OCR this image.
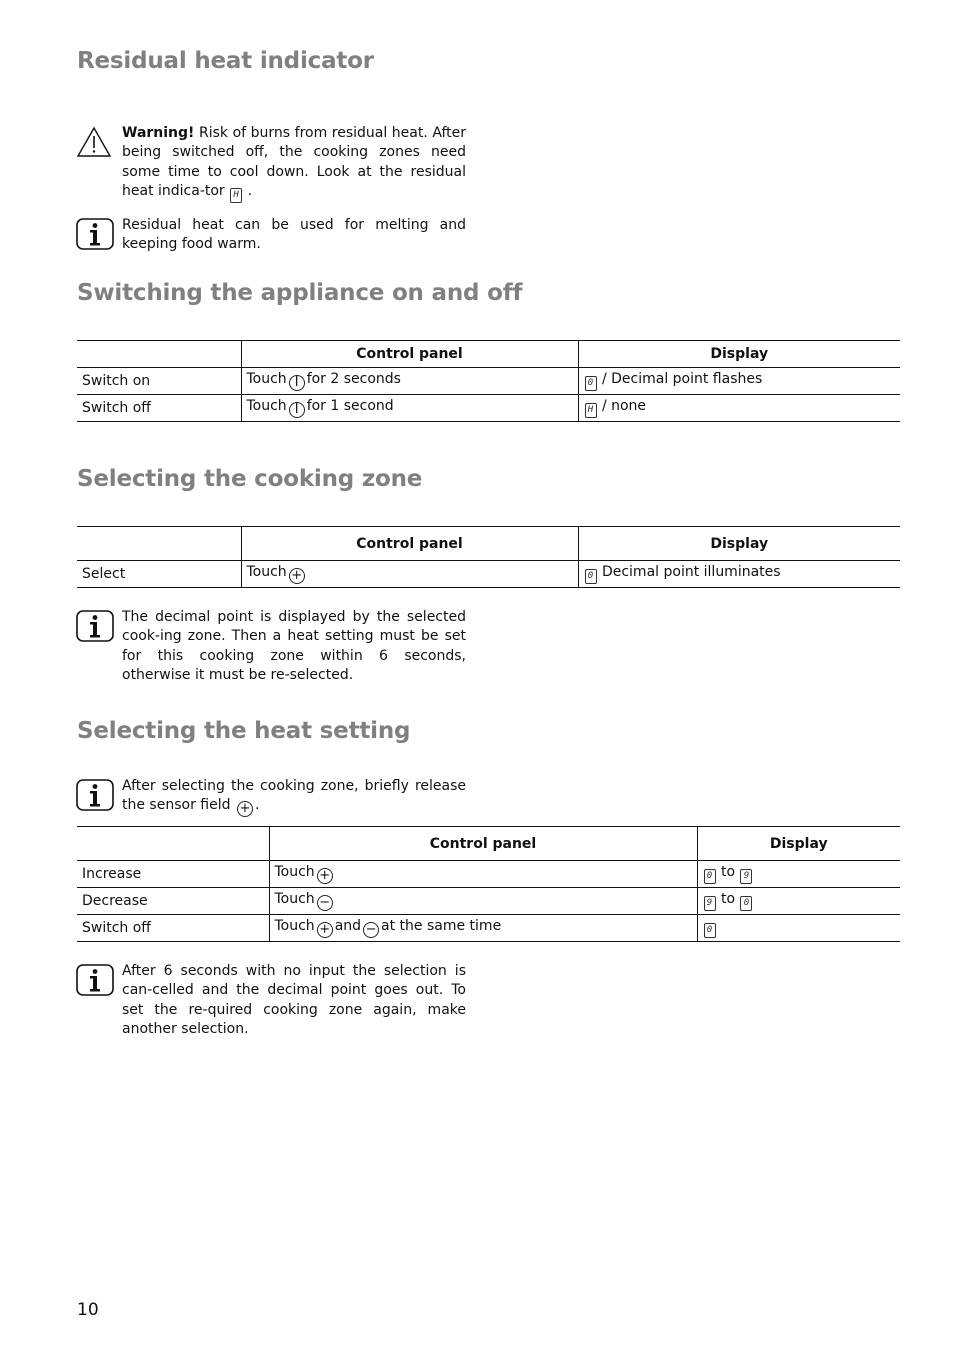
Residual heat indicator
Warning! Risk of burns from residual heat. After being switched off, the cooking zones need some time to cool down. Look at the residual heat indica-tor H .
Residual heat can be used for melting and keeping food warm.
Switching the appliance on and off
	Control panel	Display
Switch on	Touch I for 2 seconds	0 / Decimal point flashes
Switch off	Touch I for 1 second	H / none
Selecting the cooking zone
	Control panel	Display
Select	Touch +	0 Decimal point illuminates
The decimal point is displayed by the selected cook-ing zone. Then a heat setting must be set for this cooking zone within 6 seconds, otherwise it must be re-selected.
Selecting the heat setting
After selecting the cooking zone, briefly release the sensor field + .
	Control panel	Display
Increase	Touch +	0 to 9
Decrease	Touch −	9 to 0
Switch off	Touch + and − at the same time	0
After 6 seconds with no input the selection is can-celled and the decimal point goes out. To set the re-quired cooking zone again, make another selection.
10
